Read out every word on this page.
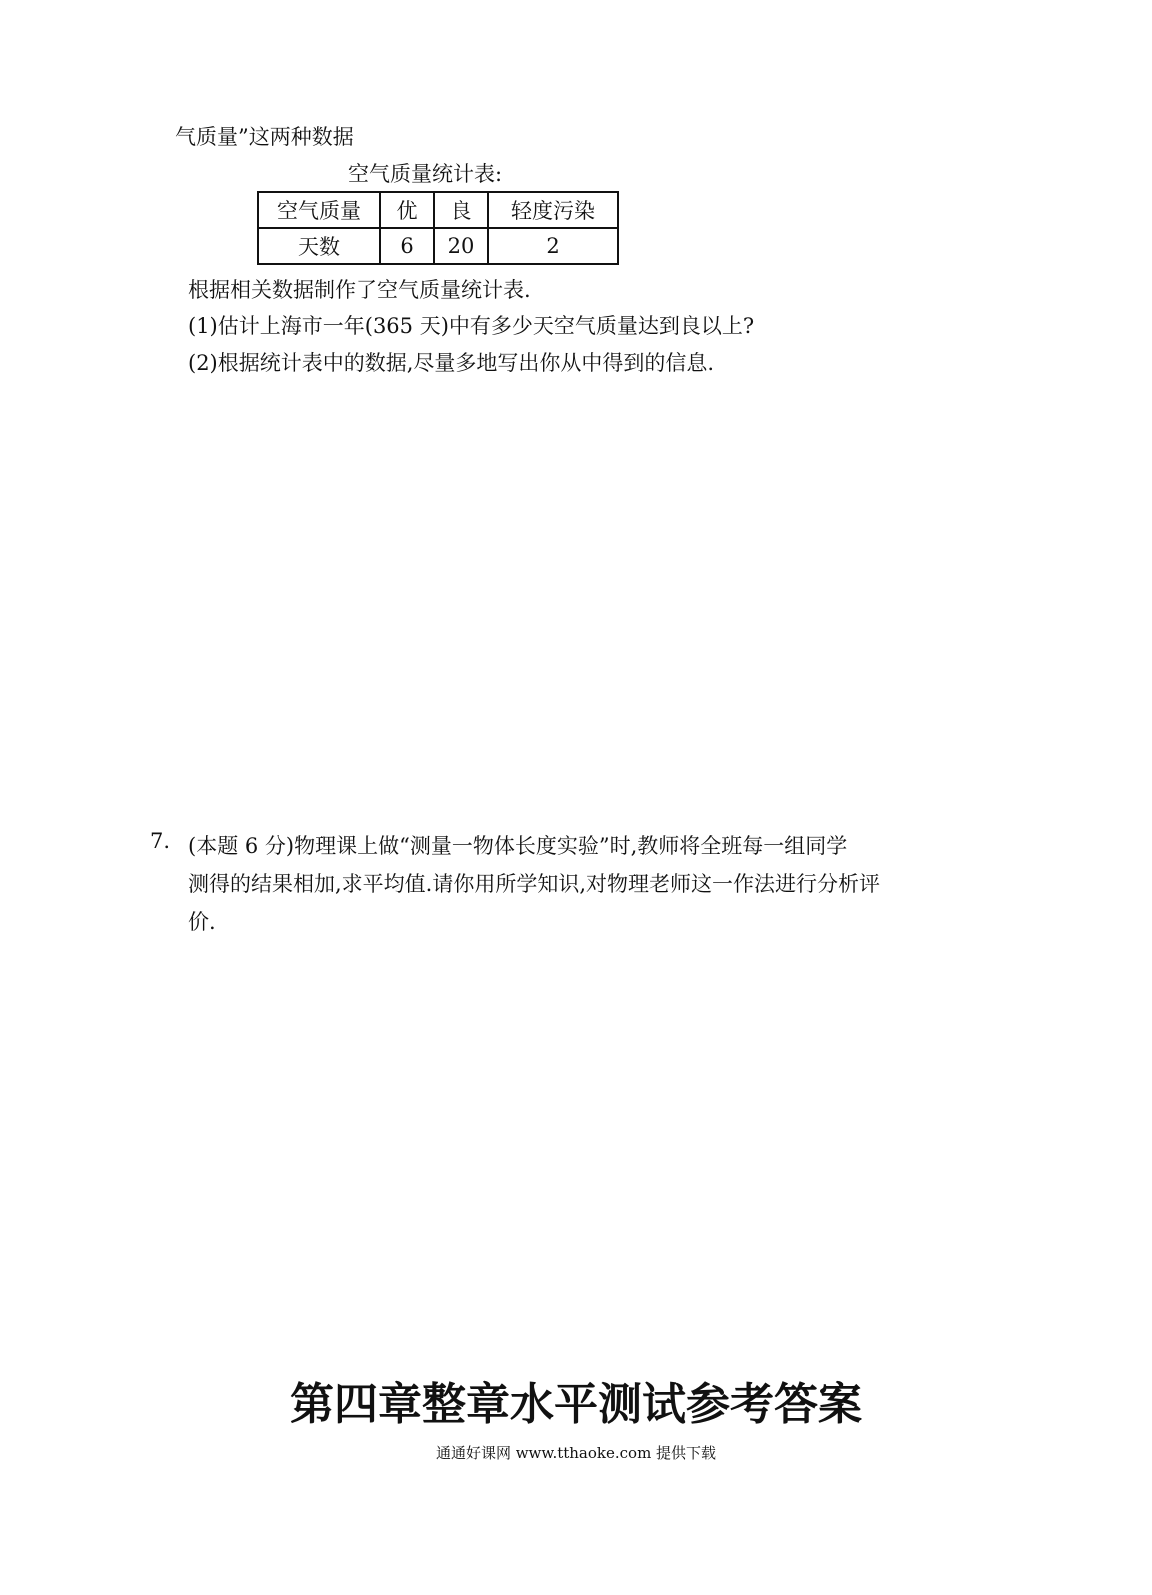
气质量”这两种数据
空气质量统计表:
空气质量	优	良	轻度污染
天数	6	20	2
根据相关数据制作了空气质量统计表.
(1)估计上海市一年(365 天)中有多少天空气质量达到良以上?
(2)根据统计表中的数据,尽量多地写出你从中得到的信息.
7. (本题 6 分)物理课上做“测量一物体长度实验”时,教师将全班每一组同学
测得的结果相加,求平均值.请你用所学知识,对物理老师这一作法进行分析评
价.
第四章整章水平测试参考答案
通通好课网 www.tthaoke.com 提供下载
